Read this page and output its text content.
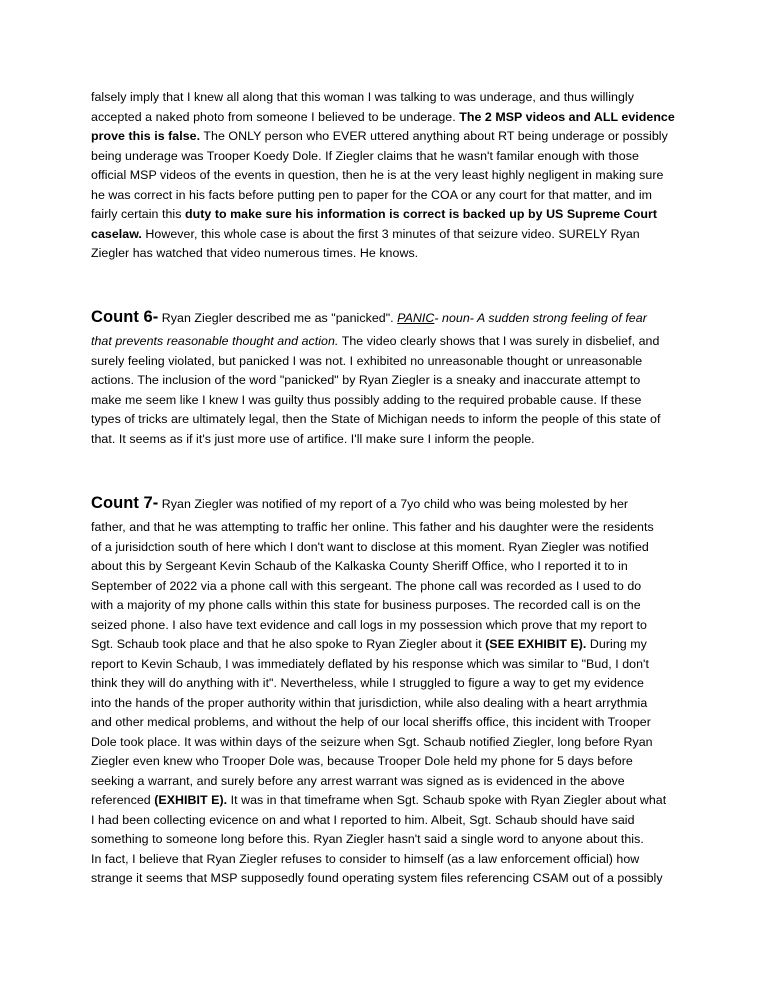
falsely imply that I knew all along that this woman I was talking to was underage, and thus willingly
accepted a naked photo from someone I believed to be underage. The 2 MSP videos and ALL evidence
prove this is false. The ONLY person who EVER uttered anything about RT being underage or possibly
being underage was Trooper Koedy Dole. If Ziegler claims that he wasn't familar enough with those
official MSP videos of the events in question, then he is at the very least highly negligent in making sure
he was correct in his facts before putting pen to paper for the COA or any court for that matter, and im
fairly certain this duty to make sure his information is correct is backed up by US Supreme Court
caselaw. However, this whole case is about the first 3 minutes of that seizure video. SURELY Ryan
Ziegler has watched that video numerous times. He knows.
Count 6- Ryan Ziegler described me as "panicked". PANIC- noun- A sudden strong feeling of fear
that prevents reasonable thought and action. The video clearly shows that I was surely in disbelief, and
surely feeling violated, but panicked I was not. I exhibited no unreasonable thought or unreasonable
actions. The inclusion of the word "panicked" by Ryan Ziegler is a sneaky and inaccurate attempt to
make me seem like I knew I was guilty thus possibly adding to the required probable cause. If these
types of tricks are ultimately legal, then the State of Michigan needs to inform the people of this state of
that. It seems as if it's just more use of artifice. I'll make sure I inform the people.
Count 7- Ryan Ziegler was notified of my report of a 7yo child who was being molested by her
father, and that he was attempting to traffic her online. This father and his daughter were the residents
of a jurisidction south of here which I don't want to disclose at this moment. Ryan Ziegler was notified
about this by Sergeant Kevin Schaub of the Kalkaska County Sheriff Office, who I reported it to in
September of 2022 via a phone call with this sergeant. The phone call was recorded as I used to do
with a majority of my phone calls within this state for business purposes. The recorded call is on the
seized phone. I also have text evidence and call logs in my possession which prove that my report to
Sgt. Schaub took place and that he also spoke to Ryan Ziegler about it (SEE EXHIBIT E). During my
report to Kevin Schaub, I was immediately deflated by his response which was similar to "Bud, I don't
think they will do anything with it". Nevertheless, while I struggled to figure a way to get my evidence
into the hands of the proper authority within that jurisdiction, while also dealing with a heart arrythmia
and other medical problems, and without the help of our local sheriffs office, this incident with Trooper
Dole took place. It was within days of the seizure when Sgt. Schaub notified Ziegler, long before Ryan
Ziegler even knew who Trooper Dole was, because Trooper Dole held my phone for 5 days before
seeking a warrant, and surely before any arrest warrant was signed as is evidenced in the above
referenced (EXHIBIT E). It was in that timeframe when Sgt. Schaub spoke with Ryan Ziegler about what
I had been collecting evicence on and what I reported to him. Albeit, Sgt. Schaub should have said
something to someone long before this. Ryan Ziegler hasn't said a single word to anyone about this.
In fact, I believe that Ryan Ziegler refuses to consider to himself (as a law enforcement official) how
strange it seems that MSP supposedly found operating system files referencing CSAM out of a possibly
